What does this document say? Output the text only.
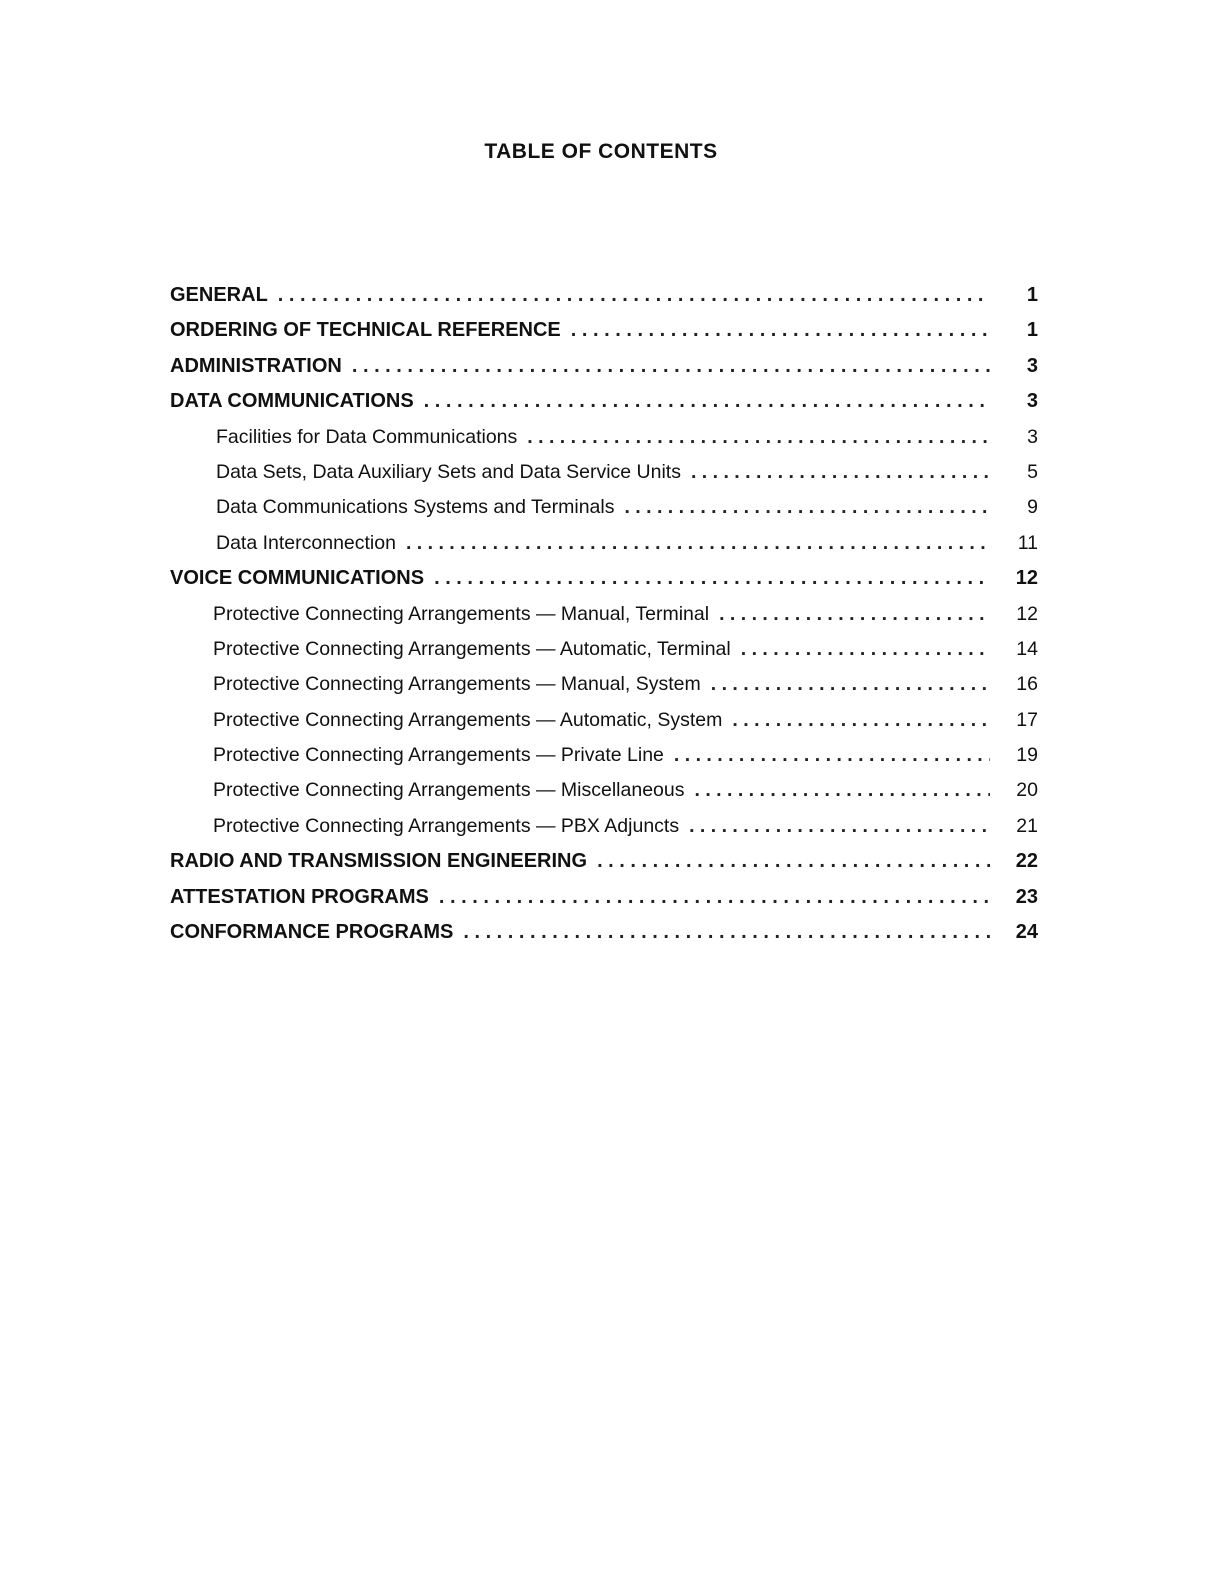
TABLE OF CONTENTS
GENERAL . . .	1
ORDERING OF TECHNICAL REFERENCE . . .	1
ADMINISTRATION . . .	3
DATA COMMUNICATIONS . . .	3
Facilities for Data Communications . . .	3
Data Sets, Data Auxiliary Sets and Data Service Units . . .	5
Data Communications Systems and Terminals . . .	9
Data Interconnection . . .	11
VOICE COMMUNICATIONS . . .	12
Protective Connecting Arrangements — Manual, Terminal . . .	12
Protective Connecting Arrangements — Automatic, Terminal . . .	14
Protective Connecting Arrangements — Manual, System . . .	16
Protective Connecting Arrangements — Automatic, System . . .	17
Protective Connecting Arrangements — Private Line . . .	19
Protective Connecting Arrangements — Miscellaneous . . .	20
Protective Connecting Arrangements — PBX Adjuncts . . .	21
RADIO AND TRANSMISSION ENGINEERING . . .	22
ATTESTATION PROGRAMS . . .	23
CONFORMANCE PROGRAMS . . .	24
